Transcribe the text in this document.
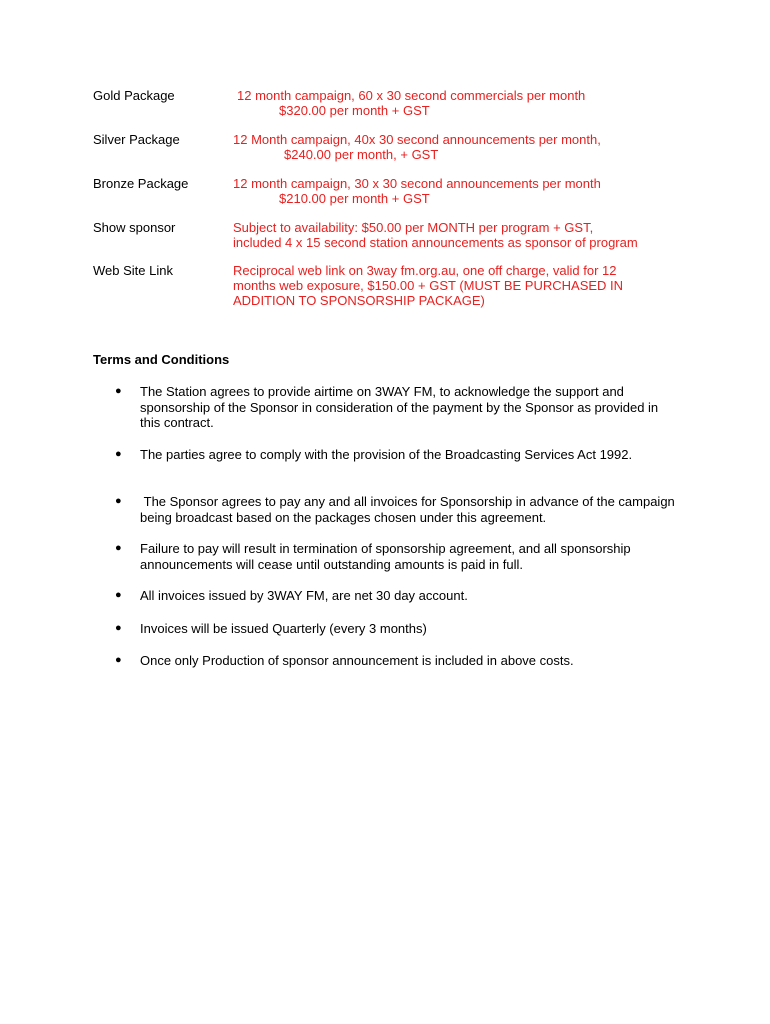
Gold Package	12 month campaign, 60 x 30 second commercials per month
$320.00 per month + GST
Silver Package	12 Month campaign, 40x 30 second announcements per month,
$240.00 per month, + GST
Bronze Package	12 month campaign, 30 x 30 second announcements per month
$210.00 per month + GST
Show sponsor	Subject to availability: $50.00 per MONTH per program + GST,
included 4 x 15 second station announcements as sponsor of program
Web Site Link	Reciprocal web link on 3way fm.org.au, one off charge, valid for 12
months web exposure, $150.00 + GST (MUST BE PURCHASED IN
ADDITION TO SPONSORSHIP PACKAGE)
Terms and Conditions
● The Station agrees to provide airtime on 3WAY FM, to acknowledge the support and sponsorship of the Sponsor in consideration of the payment by the Sponsor as provided in this contract.
● The parties agree to comply with the provision of the Broadcasting Services Act 1992.
● The Sponsor agrees to pay any and all invoices for Sponsorship in advance of the campaign being broadcast based on the packages chosen under this agreement.
● Failure to pay will result in termination of sponsorship agreement, and all sponsorship announcements will cease until outstanding amounts is paid in full.
● All invoices issued by 3WAY FM, are net 30 day account.
● Invoices will be issued Quarterly (every 3 months)
● Once only Production of sponsor announcement is included in above costs.
